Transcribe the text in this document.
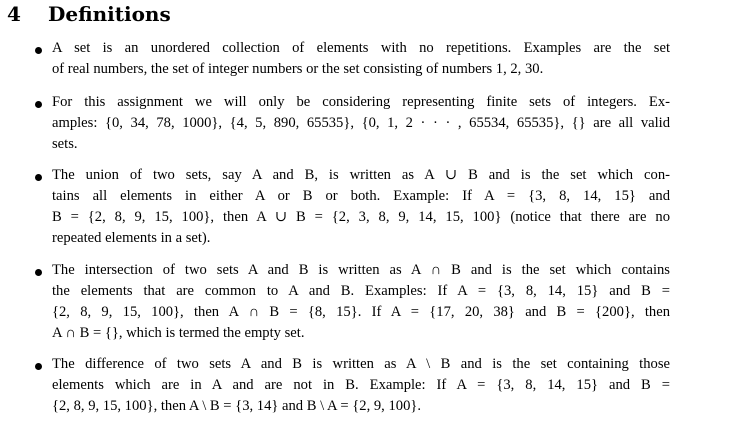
4 Definitions
A set is an unordered collection of elements with no repetitions. Examples are the set
of real numbers, the set of integer numbers or the set consisting of numbers 1, 2, 30.
For this assignment we will only be considering representing finite sets of integers. Ex-
amples: {0, 34, 78, 1000}, {4, 5, 890, 65535}, {0, 1, 2 · · · , 65534, 65535}, {} are all valid
sets.
The union of two sets, say A and B, is written as A ∪ B and is the set which con-
tains all elements in either A or B or both. Example: If A = {3, 8, 14, 15} and
B = {2, 8, 9, 15, 100}, then A ∪ B = {2, 3, 8, 9, 14, 15, 100} (notice that there are no
repeated elements in a set).
The intersection of two sets A and B is written as A ∩ B and is the set which contains
the elements that are common to A and B. Examples: If A = {3, 8, 14, 15} and B =
{2, 8, 9, 15, 100}, then A ∩ B = {8, 15}. If A = {17, 20, 38} and B = {200}, then
A ∩ B = {}, which is termed the empty set.
The difference of two sets A and B is written as A \ B and is the set containing those
elements which are in A and are not in B. Example: If A = {3, 8, 14, 15} and B =
{2, 8, 9, 15, 100}, then A \ B = {3, 14} and B \ A = {2, 9, 100}.
